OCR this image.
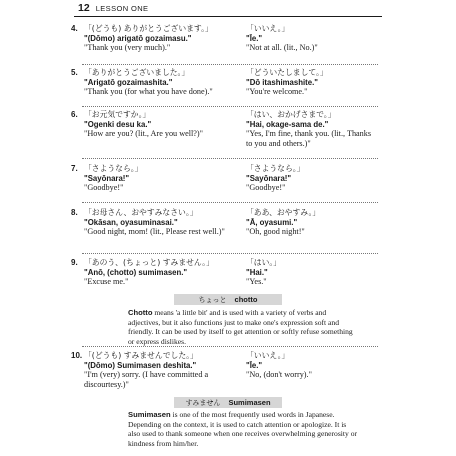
12 LESSON ONE
4. 「(どうも) ありがとうございます。」
"(Dōmo) arigatō gozaimasu."
"Thank you (very much)."
「いいえ。」
"Īe."
"Not at all. (lit., No.)"
5. 「ありがとうございました。」
"Arigatō gozaimashita."
"Thank you (for what you have done)."
「どういたしまして。」
"Dō itashimashite."
"You're welcome."
6. 「お元気ですか。」
"Ogenki desu ka."
"How are you? (lit., Are you well?)"
「はい、おかげさまで。」
"Hai, okage-sama de."
"Yes, I'm fine, thank you. (lit., Thanks to you and others.)"
7. 「さようなら。」
"Sayōnara!"
"Goodbye!"
「さようなら。」
"Sayōnara!"
"Goodbye!"
8. 「お母さん、おやすみなさい。」
"Okāsan, oyasuminasai."
"Good night, mom! (lit., Please rest well.)"
「ああ、おやすみ。」
"Ā, oyasumi."
"Oh, good night!"
9. 「あのう、(ちょっと) すみません。」
"Anō, (chotto) sumimasen."
"Excuse me."
「はい。」
"Hai."
"Yes."
ちょっと chotto
Chotto means 'a little bit' and is used with a variety of verbs and adjectives, but it also functions just to make one's expression soft and friendly. It can be used by itself to get attention or softly refuse something or express dislikes.
10. 「(どうも) すみませんでした。」
"(Dōmo) Sumimasen deshita."
"I'm (very) sorry. (I have committed a discourtesy.)"
「いいえ。」
"Īe."
"No, (don't worry)."
すみません Sumimasen
Sumimasen is one of the most frequently used words in Japanese. Depending on the context, it is used to catch attention or apologize. It is also used to thank someone when one receives overwhelming generosity or kindness from him/her.
